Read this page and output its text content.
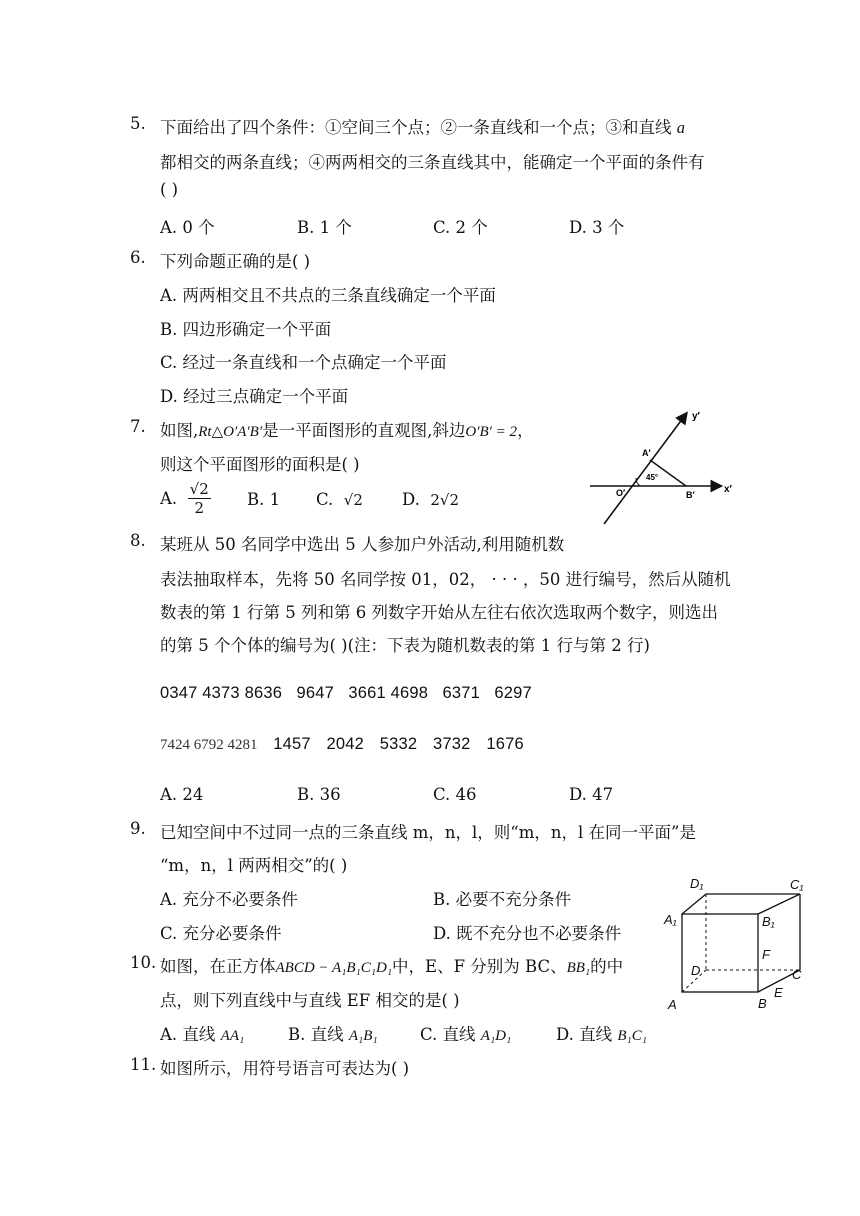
5. 下面给出了四个条件：①空间三个点；②一条直线和一个点；③和直线 a
都相交的两条直线；④两两相交的三条直线其中，能确定一个平面的条件有
( )
A. 0 个	B. 1 个	C. 2 个	D. 3 个
6. 下列命题正确的是( )
A. 两两相交且不共点的三条直线确定一个平面
B. 四边形确定一个平面
C. 经过一条直线和一个点确定一个平面
D. 经过三点确定一个平面
7. 如图,Rt△O′A′B′是一平面图形的直观图,斜边O′B′ = 2，
则这个平面图形的面积是( )
A. $\frac{√2}{2} B$. 1 C. √2 D. 2√2
y′
x′
A′
O′	B′
45°
8. 某班从 50 名同学中选出 5 人参加户外活动,利用随机数
表法抽取样本，先将 50 名同学按 01，02， · · · ，50 进行编号，然后从随机
数表的第 1 行第 5 列和第 6 列数字开始从左往右依次选取两个数字，则选出
的第 5 个个体的编号为( )(注：下表为随机数表的第 1 行与第 2 行)
0347 4373 8636 9647 3661 4698 6371 6297
7424 6792 4281 1457 2042 5332 3732 1676
A. 24	B. 36	C. 46	D. 47
9. 已知空间中不过同一点的三条直线 m，n，l，则“m，n，l 在同一平面”是
“m，n，l 两两相交”的( )
A. 充分不必要条件	B. 必要不充分条件
C. 充分必要条件	D. 既不充分也不必要条件
D₁	C₁
A₁	B₁
F
D	C
A	B
E
10. 如图，在正方体ABCD − A₁B₁C₁D₁中，E、F 分别为 BC、BB₁的中
点，则下列直线中与直线 EF 相交的是( )
A. 直线 AA₁	B. 直线 A₁B₁	C. 直线 A₁D₁	D. 直线 B₁C₁
11. 如图所示，用符号语言可表达为( )
